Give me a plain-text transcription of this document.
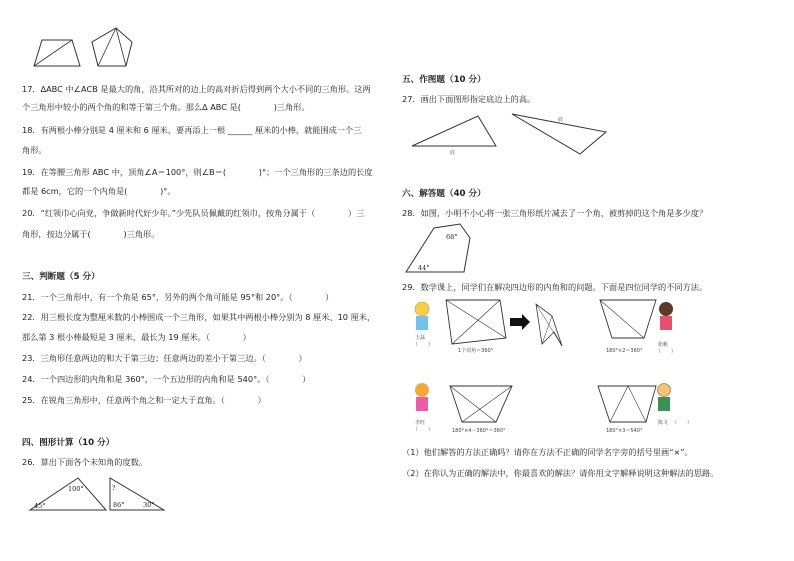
17．∆ABC 中∠ACB 是最大的角，沿其所对的边上的高对折后得到两个大小不同的三角形。这两
个三角形中较小的两个角的和等于第三个角。那么∆ ABC 是(　　　　)三角形。
18．有两根小棒分别是 4 厘米和 6 厘米，要再添上一根 ______ 厘米的小棒，就能围成一个三
角形。
19．在等腰三角形 ABC 中，顶角∠A＝100°，则∠B＝(　　　　)°；一个三角形的三条边的长度
都是 6cm，它的一个内角是(　　　　)°。
20．“红领巾心向党，争做新时代好少年。”少先队员佩戴的红领巾，按角分属于（　　　　）三
角形，按边分属于(　　　　)三角形。
三、判断题（5 分）
21．一个三角形中，有一个角是 65°，另外的两个角可能是 95°和 20°。（　　　　）
22．用三根长度为整厘米数的小棒围成一个三角形，如果其中两根小棒分别为 8 厘米、10 厘米，
那么第 3 根小棒最短是 3 厘米，最长为 19 厘米。（　　　　）
23．三角形任意两边的和大于第三边；任意两边的差小于第三边。（　　　　）
24．一个四边形的内角和是 360°，一个五边形的内角和是 540°。（　　　　）
25．在锐角三角形中，任意两个角之和一定大于直角。（　　　　）
四、图形计算（10 分）
26．算出下面各个未知角的度数。
100°
45°
?
86°	30°
五、作图题（10 分）
27．画出下面图形指定底边上的高。
底
底
六、解答题（40 分）
28．如图，小明不小心将一张三角形纸片减去了一个角，被剪掉的这个角是多少度？
68°
44°
29．数学课上，同学们在解决四边形的内角和的问题。下面是四位同学的不同方法。
王磊
（　　）
1个周角＝360°	180°×2＝360°
张帆
（　　）
李旺
（　　）	180°×4－360°＝360°	180°×3＝540°
陈文 （　　）
（1）他们解答的方法正确吗？请你在方法不正确的同学名字旁的括号里画“×”。
（2）在你认为正确的解法中，你最喜欢的解法？请你用文字解释说明这种解法的思路。
